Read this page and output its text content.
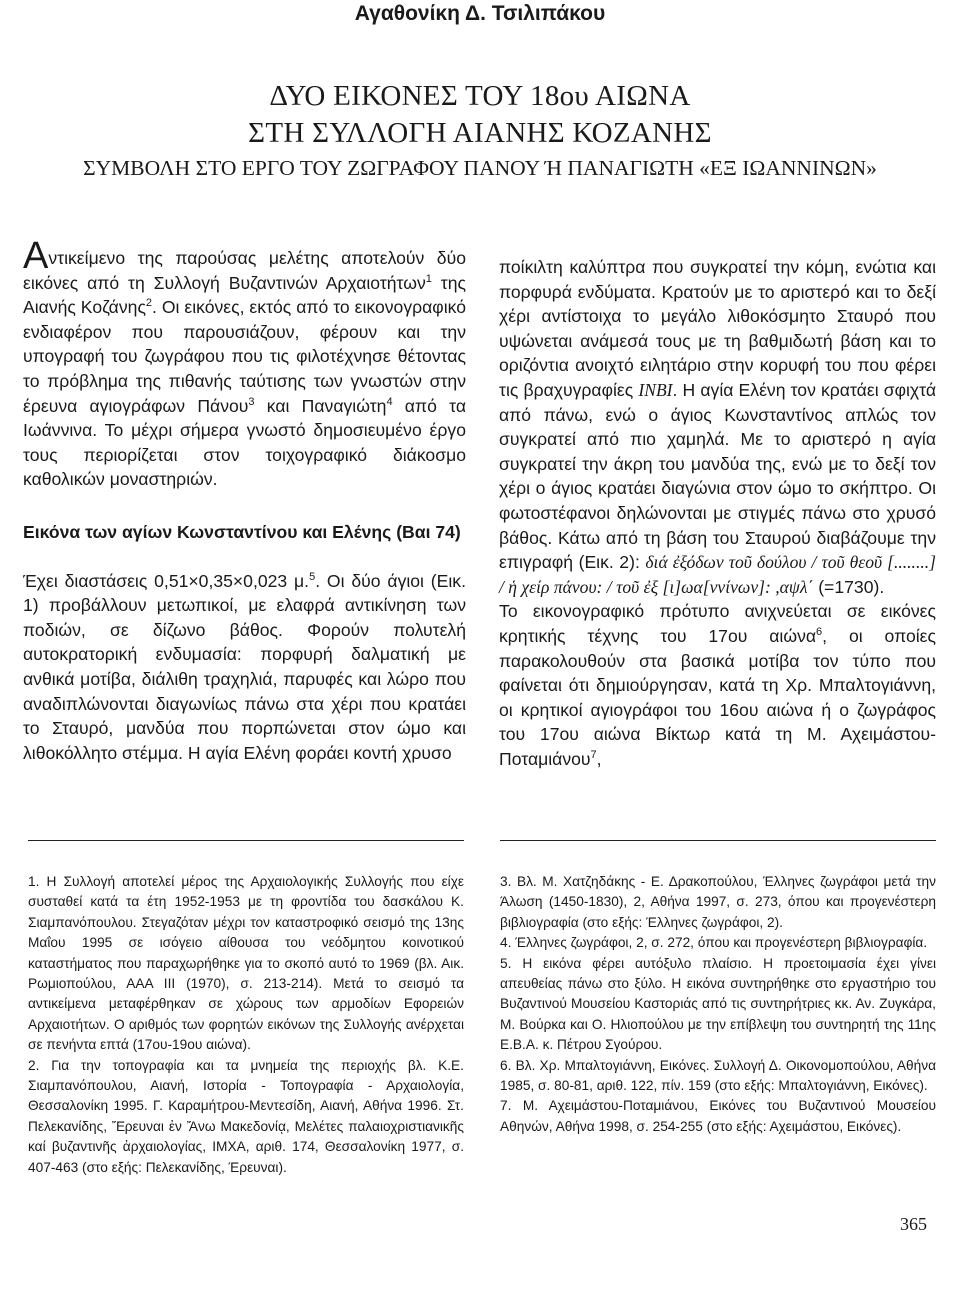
Αγαθονίκη Δ. Τσιλιπάκου
ΔΥΟ ΕΙΚΟΝΕΣ ΤΟΥ 18ου ΑΙΩΝΑ
ΣΤΗ ΣΥΛΛΟΓΗ ΑΙΑΝΗΣ ΚΟΖΑΝΗΣ
ΣΥΜΒΟΛΗ ΣΤΟ ΕΡΓΟ ΤΟΥ ΖΩΓΡΑΦΟΥ ΠΑΝΟΥ Ή ΠΑΝΑΓΙΩΤΗ «ΕΞ ΙΩΑΝΝΙΝΩΝ»

Αντικείμενο της παρούσας μελέτης αποτελούν δύο εικόνες από τη Συλλογή Βυζαντινών Αρχαιοτήτων$^1$ της Αιανής Κοζάνης$^2$. Οι εικόνες, εκτός από το εικονογραφικό ενδιαφέρον που παρουσιάζουν, φέρουν και την υπογραφή του ζωγράφου που τις φιλοτέχνησε θέτοντας το πρόβλημα της πιθανής ταύτισης των γνωστών στην έρευνα αγιογράφων Πάνου$^3$ και Παναγιώτη$^4$ από τα Ιωάννινα. Το μέχρι σήμερα γνωστό δημοσιευμένο έργο τους περιορίζεται στον τοιχογραφικό διάκοσμο καθολικών μοναστηριών.

Εικόνα των αγίων Κωνσταντίνου και Ελένης (Βαι 74)

Έχει διαστάσεις 0,51×0,35×0,023 μ.$^5$. Οι δύο άγιοι (Εικ. 1) προβάλλουν μετωπικοί, με ελαφρά αντικίνηση των ποδιών, σε δίζωνο βάθος. Φορούν πολυτελή αυτοκρατορική ενδυμασία: πορφυρή δαλματική με ανθικά μοτίβα, διάλιθη τραχηλιά, παρυφές και λώρο που αναδιπλώνονται διαγωνίως πάνω στα χέρι που κρατάει το Σταυρό, μανδύα που πορπώνεται στον ώμο και λιθοκόλλητο στέμμα. Η αγία Ελένη φοράει κοντή χρυσο

ποίκιλτη καλύπτρα που συγκρατεί την κόμη, ενώτια και πορφυρά ενδύματα. Κρατούν με το αριστερό και το δεξί χέρι αντίστοιχα το μεγάλο λιθοκόσμητο Σταυρό που υψώνεται ανάμεσά τους με τη βαθμιδωτή βάση και το οριζόντια ανοιχτό ειλητάριο στην κορυφή του που φέρει τις βραχυγραφίες INBI. Η αγία Ελένη τον κρατάει σφιχτά από πάνω, ενώ ο άγιος Κωνσταντίνος απλώς τον συγκρατεί από πιο χαμηλά. Με το αριστερό η αγία συγκρατεί την άκρη του μανδύα της, ενώ με το δεξί τον χέρι ο άγιος κρατάει διαγώνια στον ώμο το σκήπτρο. Οι φωτοστέφανοι δηλώνονται με στιγμές πάνω στο χρυσό βάθος. Κάτω από τη βάση του Σταυρού διαβάζουμε την επιγραφή (Εικ. 2): διά ἐξόδων τοῦ δούλου / τοῦ θεοῦ [........] / ἡ χείρ πάνου: / τοῦ ἐξ [ι]ωα[ννίνων]: ,αψλ΄ (=1730).

Το εικονογραφικό πρότυπο ανιχνεύεται σε εικόνες κρητικής τέχνης του 17ου αιώνα$^6$, οι οποίες παρακολουθούν στα βασικά μοτίβα τον τύπο που φαίνεται ότι δημιούργησαν, κατά τη Χρ. Μπαλτογιάννη, οι κρητικοί αγιογράφοι του 16ου αιώνα ή ο ζωγράφος του 17ου αιώνα Βίκτωρ κατά τη Μ. Αχειμάστου-Ποταμιάνου$^7$,

1. Η Συλλογή αποτελεί μέρος της Αρχαιολογικής Συλλογής που είχε συσταθεί κατά τα έτη 1952-1953 με τη φροντίδα του δασκάλου Κ. Σιαμπανόπουλου. Στεγαζόταν μέχρι τον καταστροφικό σεισμό της 13ης Μαΐου 1995 σε ισόγειο αίθουσα του νεόδμητου κοινοτικού καταστήματος που παραχωρήθηκε για το σκοπό αυτό το 1969 (βλ. Αικ. Ρωμιοπούλου, ΑΑΑ ΙΙΙ (1970), σ. 213-214). Μετά το σεισμό τα αντικείμενα μεταφέρθηκαν σε χώρους των αρμοδίων Εφορειών Αρχαιοτήτων. Ο αριθμός των φορητών εικόνων της Συλλογής ανέρχεται σε πενήντα επτά (17ου-19ου αιώνα).

2. Για την τοπογραφία και τα μνημεία της περιοχής βλ. Κ.Ε. Σιαμπανόπουλου, Αιανή, Ιστορία - Τοπογραφία - Αρχαιολογία, Θεσσαλονίκη 1995. Γ. Καραμήτρου-Μεντεσίδη, Αιανή, Αθήνα 1996. Στ. Πελεκανίδης, Ἔρευναι ἐν Ἄνω Μακεδονίᾳ, Μελέτες παλαιοχριστιανικῆς καί βυζαντινῆς ἀρχαιολογίας, ΙΜΧΑ, αριθ. 174, Θεσσαλονίκη 1977, σ. 407-463 (στο εξής: Πελεκανίδης, Έρευναι).

3. Βλ. Μ. Χατζηδάκης - Ε. Δρακοπούλου, Έλληνες ζωγράφοι μετά την Άλωση (1450-1830), 2, Αθήνα 1997, σ. 273, όπου και προγενέστερη βιβλιογραφία (στο εξής: Έλληνες ζωγράφοι, 2).

4. Έλληνες ζωγράφοι, 2, σ. 272, όπου και προγενέστερη βιβλιογραφία.

5. Η εικόνα φέρει αυτόξυλο πλαίσιο. Η προετοιμασία έχει γίνει απευθείας πάνω στο ξύλο. Η εικόνα συντηρήθηκε στο εργαστήριο του Βυζαντινού Μουσείου Καστοριάς από τις συντηρήτριες κκ. Αν. Ζυγκάρα, Μ. Βούρκα και Ο. Ηλιοπούλου με την επίβλεψη του συντηρητή της 11ης Ε.Β.Α. κ. Πέτρου Σγούρου.

6. Βλ. Χρ. Μπαλτογιάννη, Εικόνες. Συλλογή Δ. Οικονομοπούλου, Αθήνα 1985, σ. 80-81, αριθ. 122, πίν. 159 (στο εξής: Μπαλτογιάννη, Εικόνες).

7. Μ. Αχειμάστου-Ποταμιάνου, Εικόνες του Βυζαντινού Μουσείου Αθηνών, Αθήνα 1998, σ. 254-255 (στο εξής: Αχειμάστου, Εικόνες).

365
